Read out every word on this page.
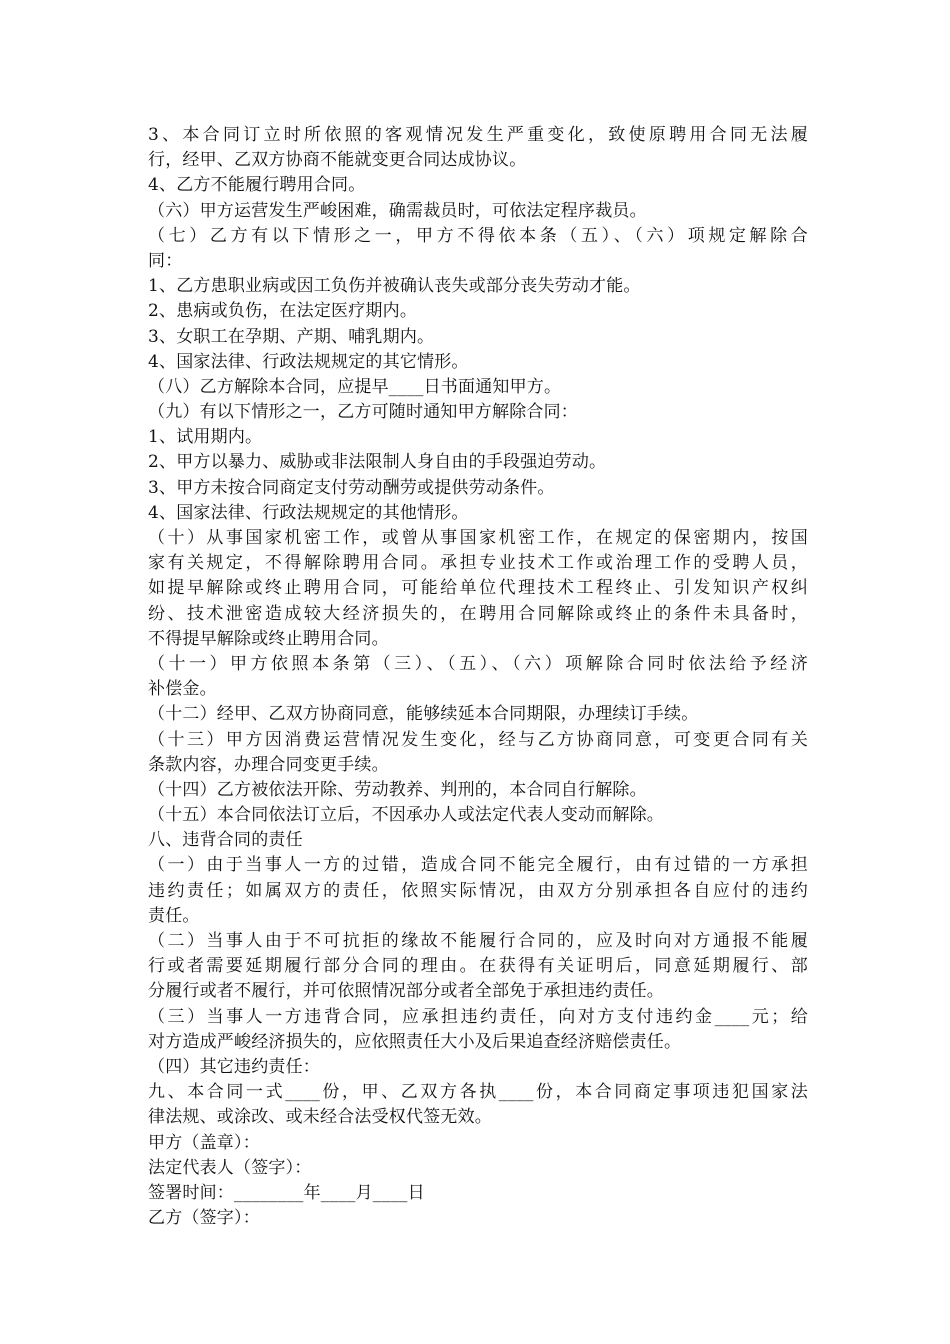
3、本合同订立时所依照的客观情况发生严重变化，致使原聘用合同无法履
行，经甲、乙双方协商不能就变更合同达成协议。
4、乙方不能履行聘用合同。
（六）甲方运营发生严峻困难，确需裁员时，可依法定程序裁员。
（七）乙方有以下情形之一，甲方不得依本条（五）、（六）项规定解除合
同：
1、乙方患职业病或因工负伤并被确认丧失或部分丧失劳动才能。
2、患病或负伤，在法定医疗期内。
3、女职工在孕期、产期、哺乳期内。
4、国家法律、行政法规规定的其它情形。
（八）乙方解除本合同，应提早____日书面通知甲方。
（九）有以下情形之一，乙方可随时通知甲方解除合同：
1、试用期内。
2、甲方以暴力、威胁或非法限制人身自由的手段强迫劳动。
3、甲方未按合同商定支付劳动酬劳或提供劳动条件。
4、国家法律、行政法规规定的其他情形。
（十）从事国家机密工作，或曾从事国家机密工作，在规定的保密期内，按国
家有关规定，不得解除聘用合同。承担专业技术工作或治理工作的受聘人员，
如提早解除或终止聘用合同，可能给单位代理技术工程终止、引发知识产权纠
纷、技术泄密造成较大经济损失的，在聘用合同解除或终止的条件未具备时，
不得提早解除或终止聘用合同。
（十一）甲方依照本条第（三）、（五）、（六）项解除合同时依法给予经济
补偿金。
（十二）经甲、乙双方协商同意，能够续延本合同期限，办理续订手续。
（十三）甲方因消费运营情况发生变化，经与乙方协商同意，可变更合同有关
条款内容，办理合同变更手续。
（十四）乙方被依法开除、劳动教养、判刑的，本合同自行解除。
（十五）本合同依法订立后，不因承办人或法定代表人变动而解除。
八、违背合同的责任
（一）由于当事人一方的过错，造成合同不能完全履行，由有过错的一方承担
违约责任；如属双方的责任，依照实际情况，由双方分别承担各自应付的违约
责任。
（二）当事人由于不可抗拒的缘故不能履行合同的，应及时向对方通报不能履
行或者需要延期履行部分合同的理由。在获得有关证明后，同意延期履行、部
分履行或者不履行，并可依照情况部分或者全部免于承担违约责任。
（三）当事人一方违背合同，应承担违约责任，向对方支付违约金____元；给
对方造成严峻经济损失的，应依照责任大小及后果追查经济赔偿责任。
（四）其它违约责任：
九、本合同一式____份，甲、乙双方各执____份，本合同商定事项违犯国家法
律法规、或涂改、或未经合法受权代签无效。
甲方（盖章）：
法定代表人（签字）：
签署时间：________年____月____日
乙方（签字）：
